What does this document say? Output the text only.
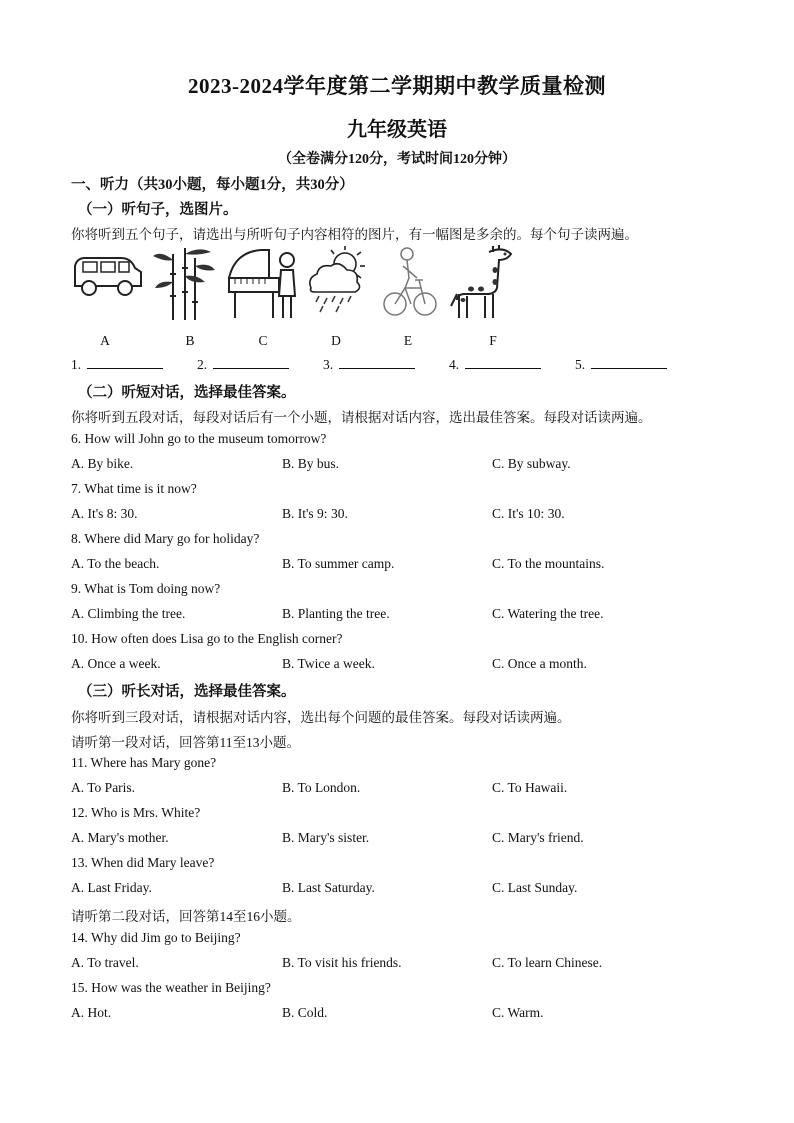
2023-2024学年度第二学期期中教学质量检测
九年级英语
（全卷满分120分，考试时间120分钟）
一、听力（共30小题，每小题1分，共30分）
（一）听句子，选图片。
你将听到五个句子，请选出与所听句子内容相符的图片，有一幅图是多余的。每个句子读两遍。
A	B	C	D	E	F
1.	2.	3.	4.	5.
（二）听短对话，选择最佳答案。
你将听到五段对话，每段对话后有一个小题，请根据对话内容，选出最佳答案。每段对话读两遍。
6. How will John go to the museum tomorrow?
A. By bike.	B. By bus.	C. By subway.
7. What time is it now?
A. It's 8: 30.	B. It's 9: 30.	C. It's 10: 30.
8. Where did Mary go for holiday?
A. To the beach.	B. To summer camp.	C. To the mountains.
9. What is Tom doing now?
A. Climbing the tree.	B. Planting the tree.	C. Watering the tree.
10. How often does Lisa go to the English corner?
A. Once a week.	B. Twice a week.	C. Once a month.
（三）听长对话，选择最佳答案。
你将听到三段对话，请根据对话内容，选出每个问题的最佳答案。每段对话读两遍。
请听第一段对话，回答第11至13小题。
11. Where has Mary gone?
A. To Paris.	B. To London.	C. To Hawaii.
12. Who is Mrs. White?
A. Mary's mother.	B. Mary's sister.	C. Mary's friend.
13. When did Mary leave?
A. Last Friday.	B. Last Saturday.	C. Last Sunday.
请听第二段对话，回答第14至16小题。
14. Why did Jim go to Beijing?
A. To travel.	B. To visit his friends.	C. To learn Chinese.
15. How was the weather in Beijing?
A. Hot.	B. Cold.	C. Warm.
